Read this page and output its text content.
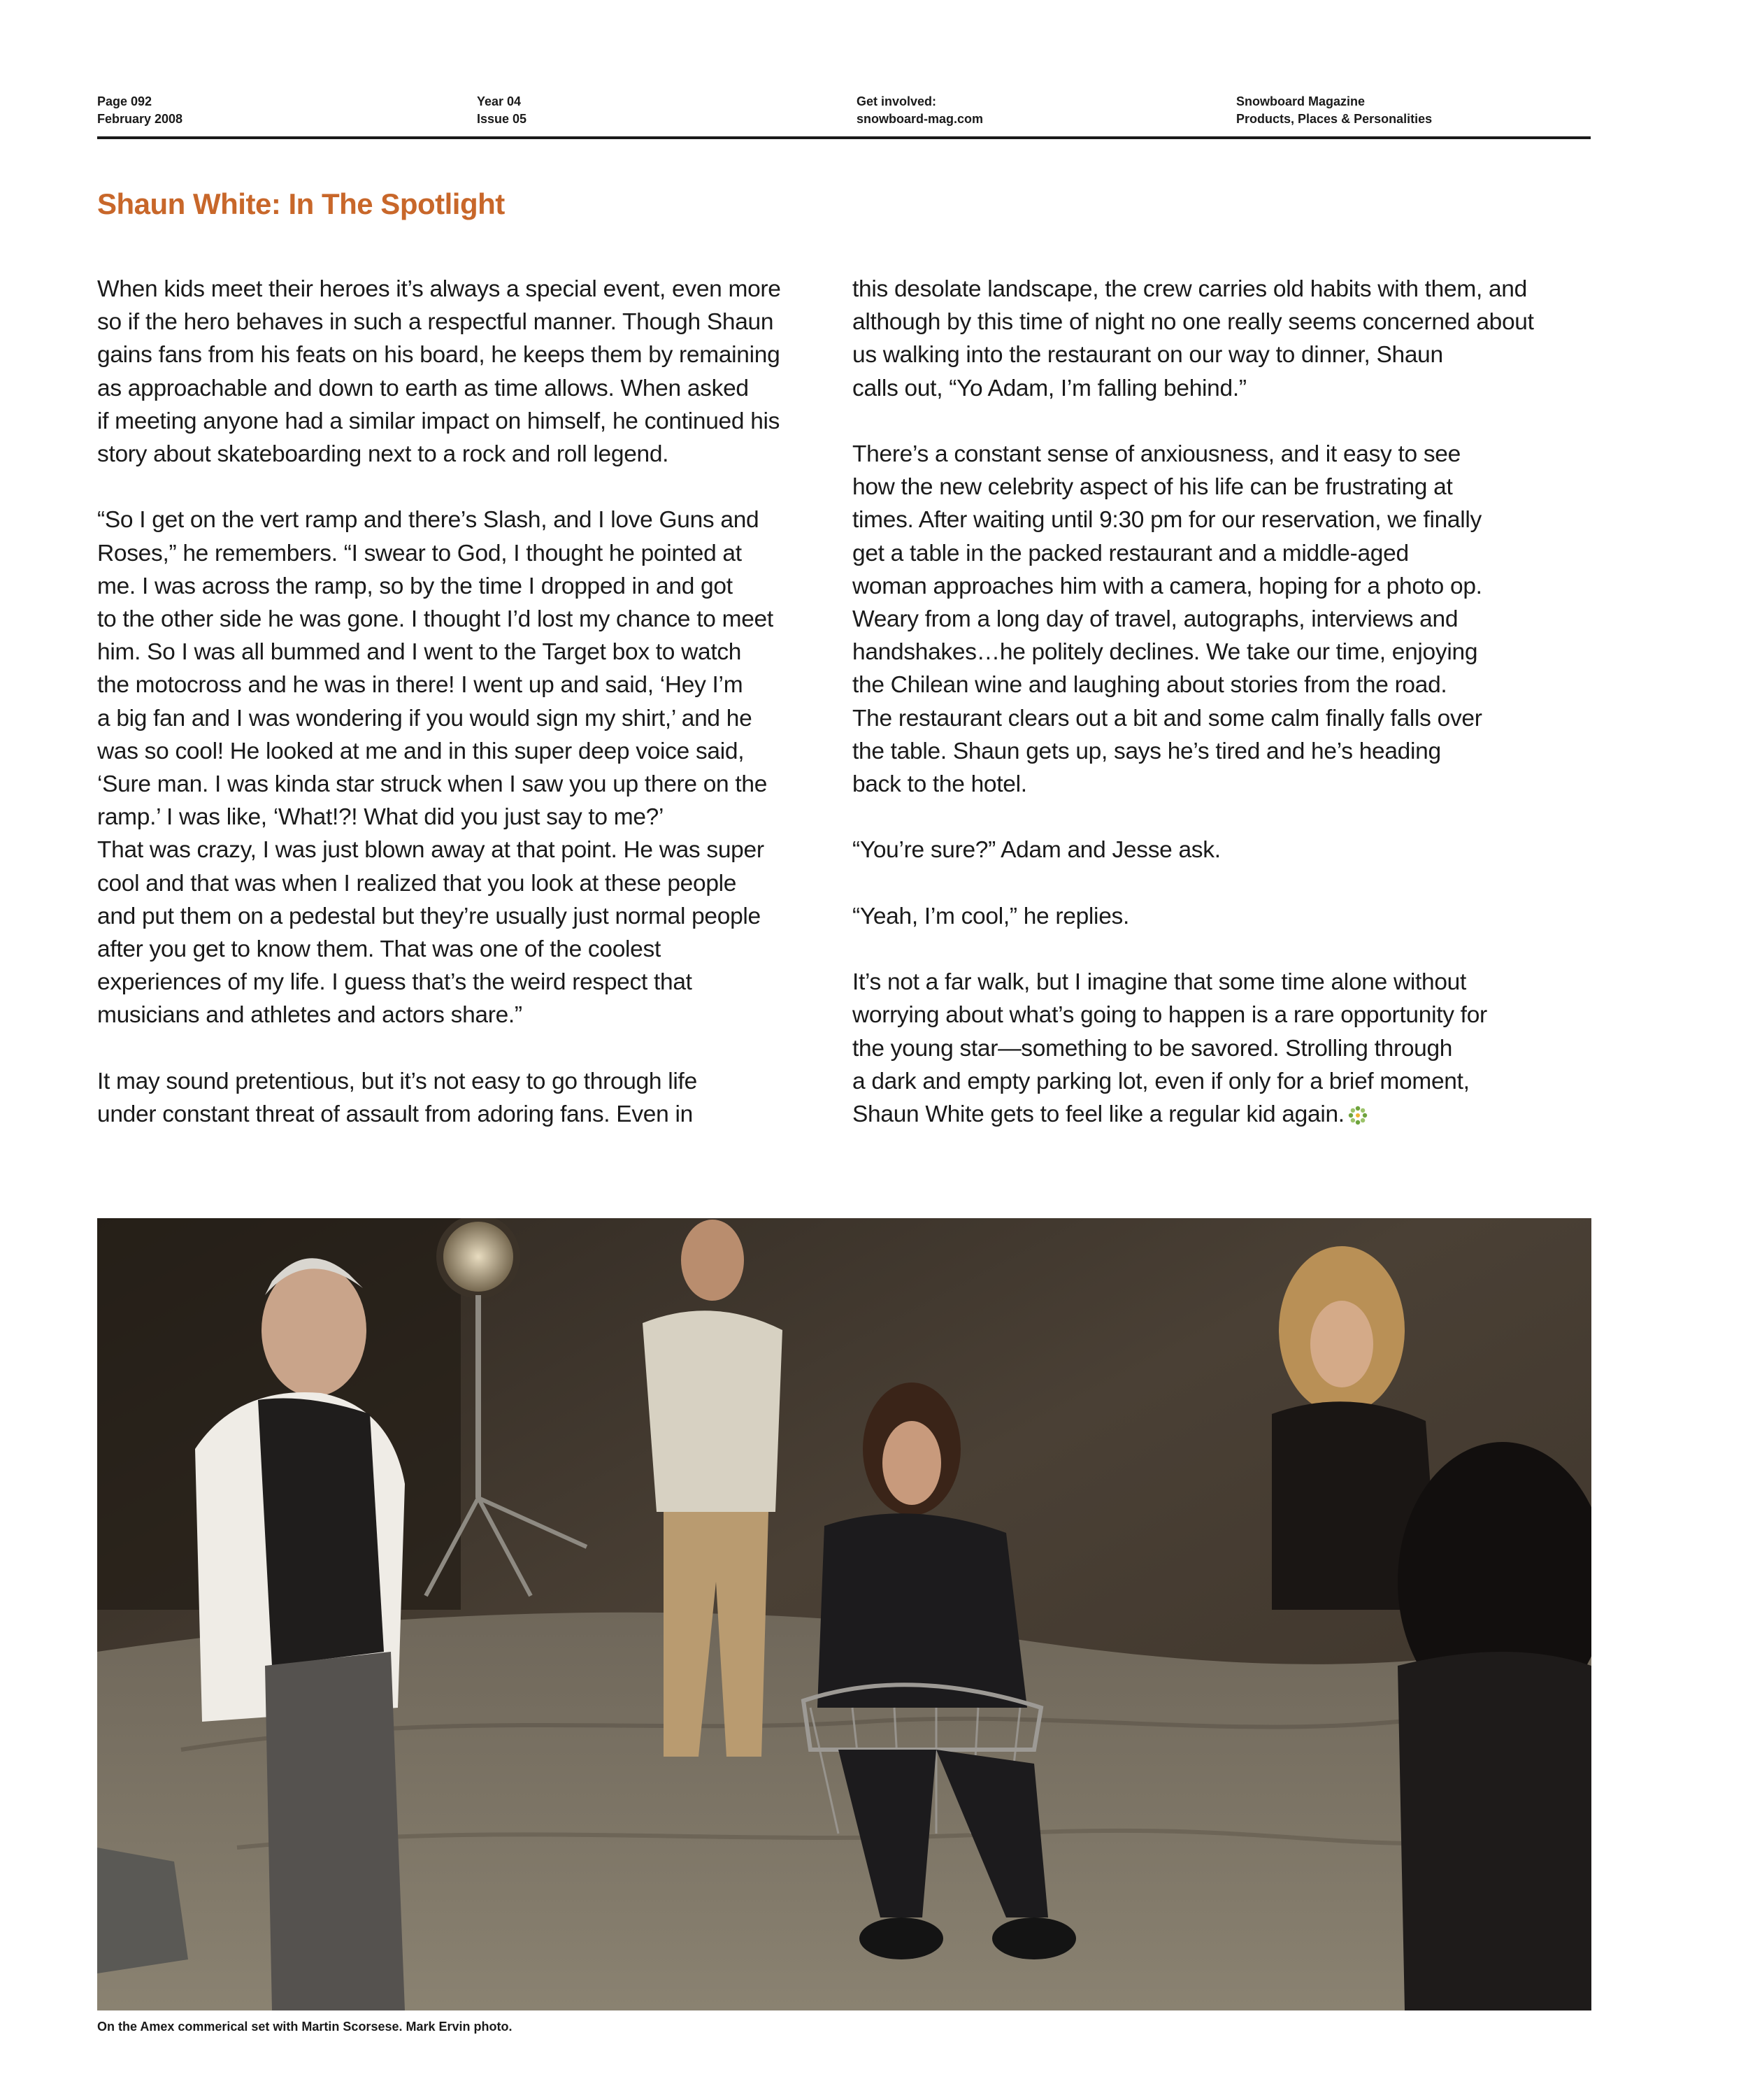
Page 092
February 2008
Year 04
Issue 05
Get involved:
snowboard-mag.com
Snowboard Magazine
Products, Places & Personalities
Shaun White: In The Spotlight

When kids meet their heroes it’s always a special event, even more
so if the hero behaves in such a respectful manner. Though Shaun
gains fans from his feats on his board, he keeps them by remaining
as approachable and down to earth as time allows. When asked
if meeting anyone had a similar impact on himself, he continued his
story about skateboarding next to a rock and roll legend.

“So I get on the vert ramp and there’s Slash, and I love Guns and
Roses,” he remembers. “I swear to God, I thought he pointed at
me. I was across the ramp, so by the time I dropped in and got
to the other side he was gone. I thought I’d lost my chance to meet
him. So I was all bummed and I went to the Target box to watch
the motocross and he was in there! I went up and said, ‘Hey I’m
a big fan and I was wondering if you would sign my shirt,’ and he
was so cool! He looked at me and in this super deep voice said,
‘Sure man. I was kinda star struck when I saw you up there on the
ramp.’ I was like, ‘What!?! What did you just say to me?’
That was crazy, I was just blown away at that point. He was super
cool and that was when I realized that you look at these people
and put them on a pedestal but they’re usually just normal people
after you get to know them. That was one of the coolest
experiences of my life. I guess that’s the weird respect that
musicians and athletes and actors share.”

It may sound pretentious, but it’s not easy to go through life
under constant threat of assault from adoring fans. Even in

this desolate landscape, the crew carries old habits with them, and
although by this time of night no one really seems concerned about
us walking into the restaurant on our way to dinner, Shaun
calls out, “Yo Adam, I’m falling behind.”

There’s a constant sense of anxiousness, and it easy to see
how the new celebrity aspect of his life can be frustrating at
times. After waiting until 9:30 pm for our reservation, we finally
get a table in the packed restaurant and a middle-aged
woman approaches him with a camera, hoping for a photo op.
Weary from a long day of travel, autographs, interviews and
handshakes…he politely declines. We take our time, enjoying
the Chilean wine and laughing about stories from the road.
The restaurant clears out a bit and some calm finally falls over
the table. Shaun gets up, says he’s tired and he’s heading
back to the hotel.

“You’re sure?” Adam and Jesse ask.

“Yeah, I’m cool,” he replies.

It’s not a far walk, but I imagine that some time alone without
worrying about what’s going to happen is a rare opportunity for
the young star—something to be savored. Strolling through
a dark and empty parking lot, even if only for a brief moment,
Shaun White gets to feel like a regular kid again.

On the Amex commerical set with Martin Scorsese. Mark Ervin photo.
